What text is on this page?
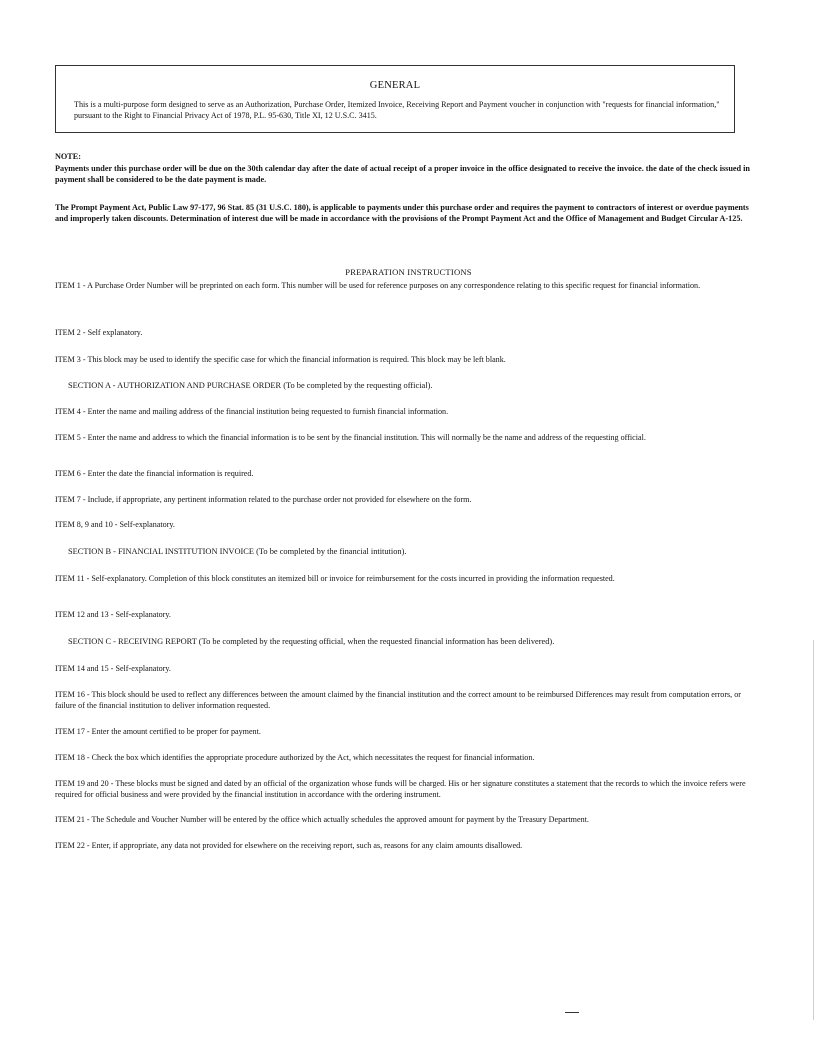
GENERAL
This is a multi-purpose form designed to serve as an Authorization, Purchase Order, Itemized Invoice, Receiving Report and Payment voucher in conjunction with "requests for financial information," pursuant to the Right to Financial Privacy Act of 1978, P.L. 95-630, Title XI, 12 U.S.C. 3415.
NOTE:
Payments under this purchase order will be due on the 30th calendar day after the date of actual receipt of a proper invoice in the office designated to receive the invoice. the date of the check issued in payment shall be considered to be the date payment is made.
The Prompt Payment Act, Public Law 97-177, 96 Stat. 85 (31 U.S.C. 180), is applicable to payments under this purchase order and requires the payment to contractors of interest or overdue payments and improperly taken discounts. Determination of interest due will be made in accordance with the provisions of the Prompt Payment Act and the Office of Management and Budget Circular A-125.
PREPARATION INSTRUCTIONS
ITEM 1 - A Purchase Order Number will be preprinted on each form. This number will be used for reference purposes on any correspondence relating to this specific request for financial information.
ITEM 2 - Self explanatory.
ITEM 3 - This block may be used to identify the specific case for which the financial information is required. This block may be left blank.
SECTION A - AUTHORIZATION AND PURCHASE ORDER (To be completed by the requesting official).
ITEM 4 - Enter the name and mailing address of the financial institution being requested to furnish financial information.
ITEM 5 - Enter the name and address to which the financial information is to be sent by the financial institution. This will normally be the name and address of the requesting official.
ITEM 6 - Enter the date the financial information is required.
ITEM 7 - Include, if appropriate, any pertinent information related to the purchase order not provided for elsewhere on the form.
ITEM 8, 9 and 10 - Self-explanatory.
SECTION B - FINANCIAL INSTITUTION INVOICE (To be completed by the financial intitution).
ITEM 11 - Self-explanatory. Completion of this block constitutes an itemized bill or invoice for reimbursement for the costs incurred in providing the information requested.
ITEM 12 and 13 - Self-explanatory.
SECTION C - RECEIVING REPORT (To be completed by the requesting official, when the requested financial information has been delivered).
ITEM 14 and 15 - Self-explanatory.
ITEM 16 - This block should be used to reflect any differences between the amount claimed by the financial institution and the correct amount to be reimbursed Differences may result from computation errors, or failure of the financial institution to deliver information requested.
ITEM 17 - Enter the amount certified to be proper for payment.
ITEM 18 - Check the box which identifies the appropriate procedure authorized by the Act, which necessitates the request for financial information.
ITEM 19 and 20 - These blocks must be signed and dated by an official of the organization whose funds will be charged. His or her signature constitutes a statement that the records to which the invoice refers were required for official business and were provided by the financial institution in accordance with the ordering instrument.
ITEM 21 - The Schedule and Voucher Number will be entered by the office which actually schedules the approved amount for payment by the Treasury Department.
ITEM 22 - Enter, if appropriate, any data not provided for elsewhere on the receiving report, such as, reasons for any claim amounts disallowed.
